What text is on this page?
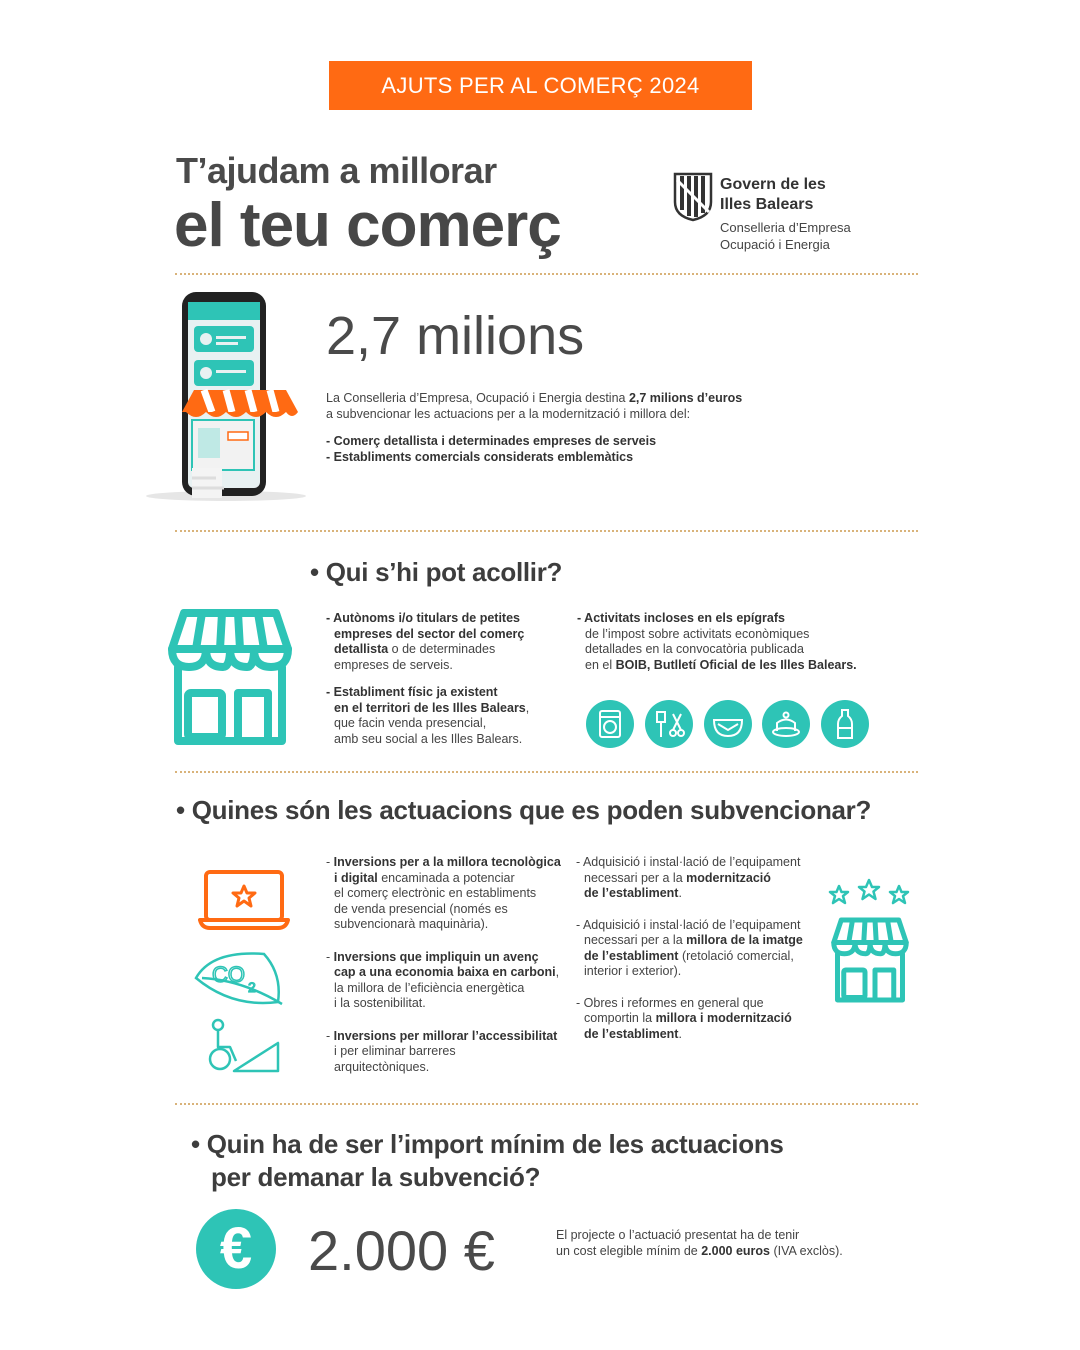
AJUTS PER AL COMERÇ 2024
T’ajudam a millorar
el teu comerç
Govern de les
Illes Balears
Conselleria d’Empresa
Ocupació i Energia
2,7 milions
La Conselleria d’Empresa, Ocupació i Energia destina 2,7 milions d’euros
a subvencionar les actuacions per a la modernització i millora del:
- Comerç detallista i determinades empreses de serveis
- Establiments comercials considerats emblemàtics
• Qui s’hi pot acollir?
- Autònoms i/o titulars de petites
empreses del sector del comerç
detallista o de determinades
empreses de serveis.
- Establiment físic ja existent
en el territori de les Illes Balears,
que facin venda presencial,
amb seu social a les Illes Balears.
- Activitats incloses en els epígrafs
de l’impost sobre activitats econòmiques
detallades en la convocatòria publicada
en el BOIB, Butlletí Oficial de les Illes Balears.
• Quines són les actuacions que es poden subvencionar?
CO 2
- Inversions per a la millora tecnològica
i digital encaminada a potenciar
el comerç electrònic en establiments
de venda presencial (només es
subvencionarà maquinària).
- Inversions que impliquin un avenç
cap a una economia baixa en carboni,
la millora de l’eficiència energètica
i la sostenibilitat.
- Inversions per millorar l’accessibilitat
i per eliminar barreres
arquitectòniques.
- Adquisició i instal·lació de l’equipament
necessari per a la modernització
de l’establiment.
- Adquisició i instal·lació de l’equipament
necessari per a la millora de la imatge
de l’establiment (retolació comercial,
interior i exterior).
- Obres i reformes en general que
comportin la millora i modernització
de l’establiment.
• Quin ha de ser l’import mínim de les actuacions
per demanar la subvenció?
€ 2.000 €	El projecte o l’actuació presentat ha de tenir
un cost elegible mínim de 2.000 euros (IVA exclòs).
